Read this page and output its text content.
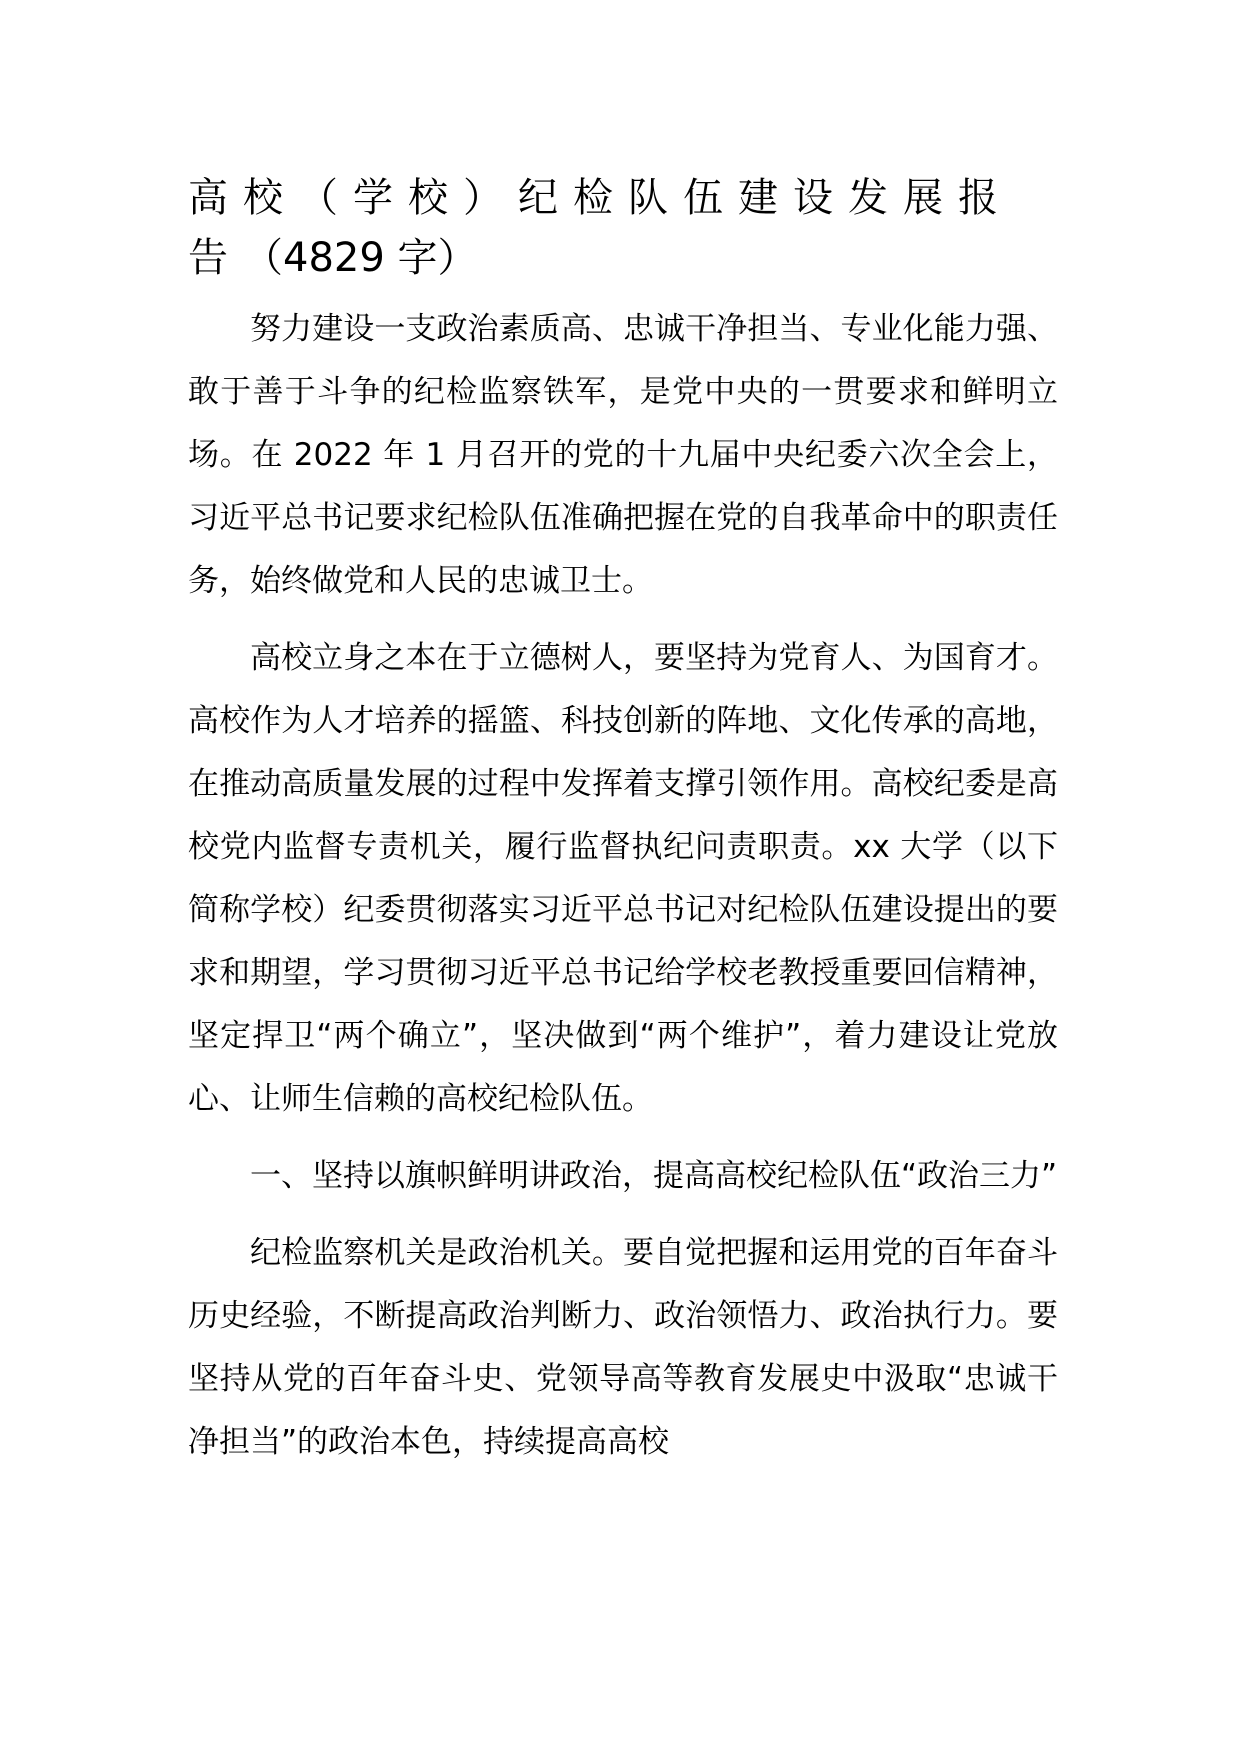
高校（学校）纪检队伍建设发展报告（4829 字）

努力建设一支政治素质高、忠诚干净担当、专业化能力强、敢于善于斗争的纪检监察铁军，是党中央的一贯要求和鲜明立场。在 2022 年 1 月召开的党的十九届中央纪委六次全会上，习近平总书记要求纪检队伍准确把握在党的自我革命中的职责任务，始终做党和人民的忠诚卫士。

高校立身之本在于立德树人，要坚持为党育人、为国育才。高校作为人才培养的摇篮、科技创新的阵地、文化传承的高地，在推动高质量发展的过程中发挥着支撑引领作用。高校纪委是高校党内监督专责机关，履行监督执纪问责职责。xx 大学（以下简称学校）纪委贯彻落实习近平总书记对纪检队伍建设提出的要求和期望，学习贯彻习近平总书记给学校老教授重要回信精神，坚定捍卫“两个确立”，坚决做到“两个维护”，着力建设让党放心、让师生信赖的高校纪检队伍。

一、坚持以旗帜鲜明讲政治，提高高校纪检队伍“政治三力”

纪检监察机关是政治机关。要自觉把握和运用党的百年奋斗历史经验，不断提高政治判断力、政治领悟力、政治执行力。要坚持从党的百年奋斗史、党领导高等教育发展史中汲取“忠诚干净担当”的政治本色，持续提高高校
